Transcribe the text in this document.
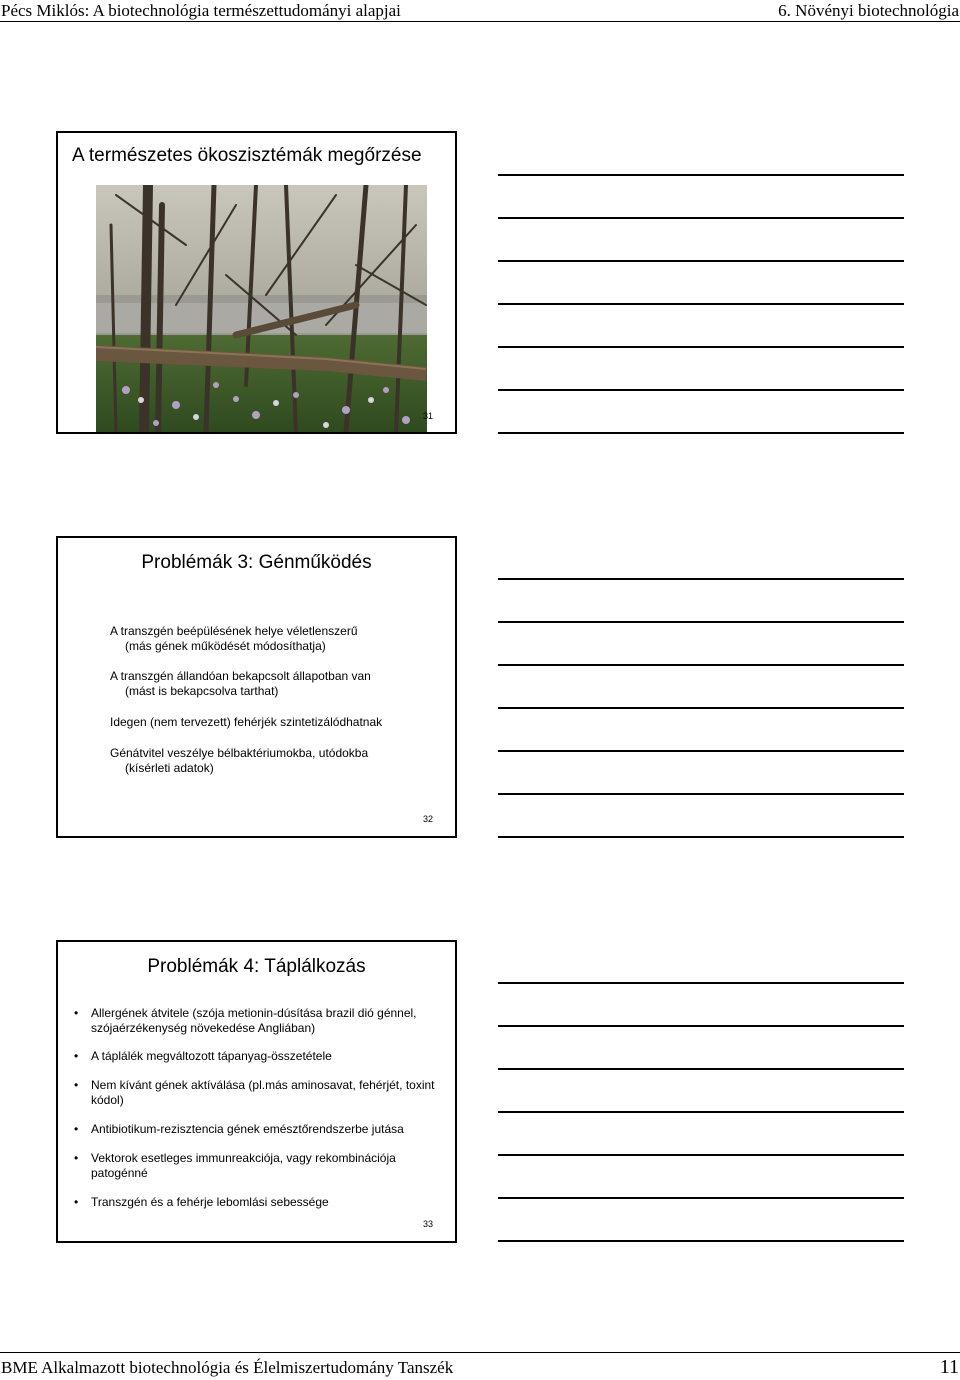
Pécs Miklós: A biotechnológia természettudományi alapjai	6. Növényi biotechnológia
A természetes ökoszisztémák megőrzése
31
Problémák 3: Génműködés
A transzgén beépülésének helye véletlenszerű
(más gének működését módosíthatja)
A transzgén állandóan bekapcsolt állapotban van
(mást is bekapcsolva tarthat)
Idegen (nem tervezett) fehérjék szintetizálódhatnak
Génátvitel veszélye bélbaktériumokba, utódokba
(kísérleti adatok)
32
Problémák 4: Táplálkozás
• Allergének átvitele (szója metionin-dúsítása brazil dió génnel, szójaérzékenység növekedése Angliában)
• A táplálék megváltozott tápanyag-összetétele
• Nem kívánt gének aktíválása (pl.más aminosavat, fehérjét, toxint kódol)
• Antibiotikum-rezisztencia gének emésztőrendszerbe jutása
• Vektorok esetleges immunreakciója, vagy rekombinációja patogénné
• Transzgén és a fehérje lebomlási sebessége
33
BME Alkalmazott biotechnológia és Élelmiszertudomány Tanszék	11
